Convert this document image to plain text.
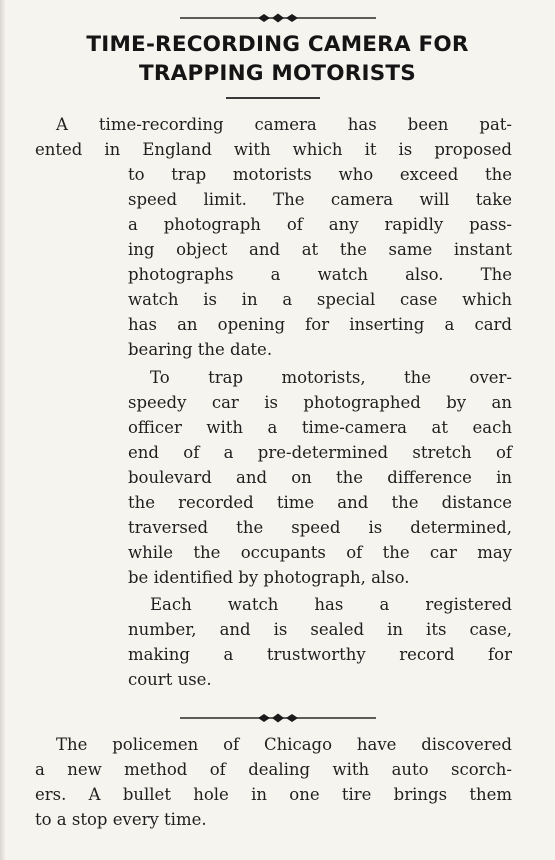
TIME-RECORDING CAMERA FOR
TRAPPING MOTORISTS
A time-recording camera has been pat-
ented in England with which it is proposed
to trap motorists who exceed the
speed limit. The camera will take
a photograph of any rapidly pass-
ing object and at the same instant
photographs a watch also. The
watch is in a special case which
has an opening for inserting a card
bearing the date.
To trap motorists, the over-
speedy car is photographed by an
officer with a time-camera at each
end of a pre-determined stretch of
boulevard and on the difference in
the recorded time and the distance
traversed the speed is determined,
while the occupants of the car may
be identified by photograph, also.
Each watch has a registered
number, and is sealed in its case,
making a trustworthy record for
court use.
The policemen of Chicago have discovered
a new method of dealing with auto scorch-
ers. A bullet hole in one tire brings them
to a stop every time.
